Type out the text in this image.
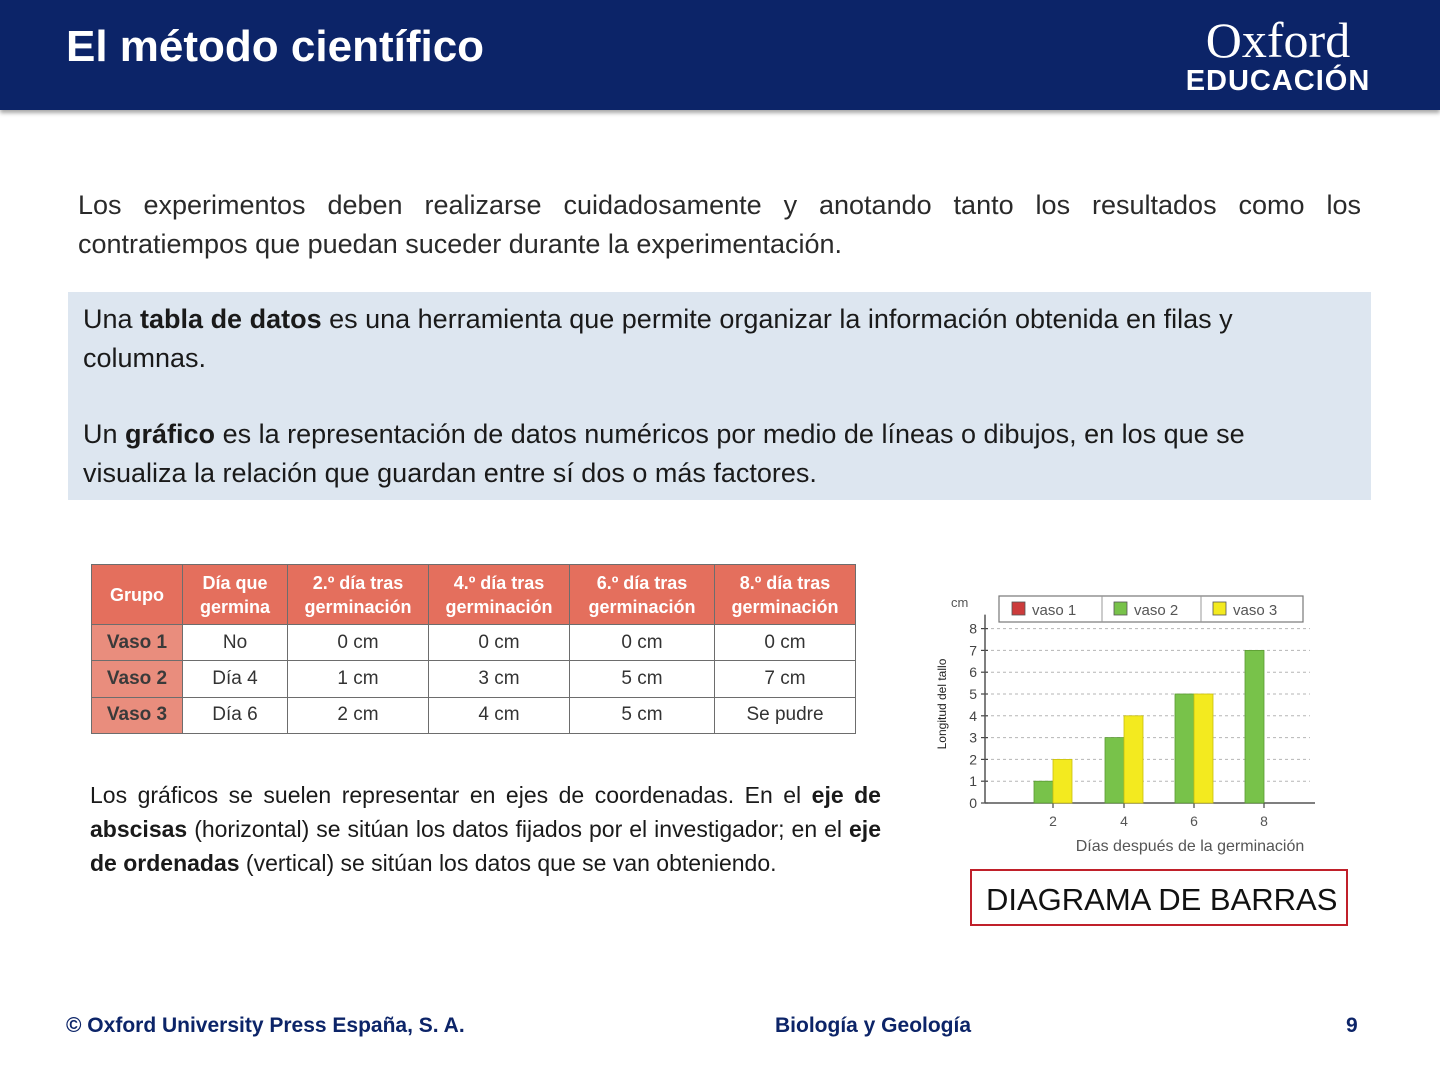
El método científico	Oxford
EDUCACIÓN

Los experimentos deben realizarse cuidadosamente y anotando tanto los resultados como los contratiempos que puedan suceder durante la experimentación.

Una tabla de datos es una herramienta que permite organizar la información obtenida en filas y columnas.

Un gráfico es la representación de datos numéricos por medio de líneas o dibujos, en los que se visualiza la relación que guardan entre sí dos o más factores.

Grupo	Día que germina	2.º día tras germinación	4.º día tras germinación	6.º día tras germinación	8.º día tras germinación
Vaso 1	No	0 cm	0 cm	0 cm	0 cm
Vaso 2	Día 4	1 cm	3 cm	5 cm	7 cm
Vaso 3	Día 6	2 cm	4 cm	5 cm	Se pudre

Los gráficos se suelen representar en ejes de coordenadas. En el eje de abscisas (horizontal) se sitúan los datos fijados por el investigador; en el eje de ordenadas (vertical) se sitúan los datos que se van obteniendo.

0
1
2
3
4
5
6
7
8
cm
Longitud del tallo
2	4	6	8
Días después de la germinación
vaso 1	vaso 2	vaso 3
DIAGRAMA DE BARRAS
© Oxford University Press España, S. A.	Biología y Geología	9
